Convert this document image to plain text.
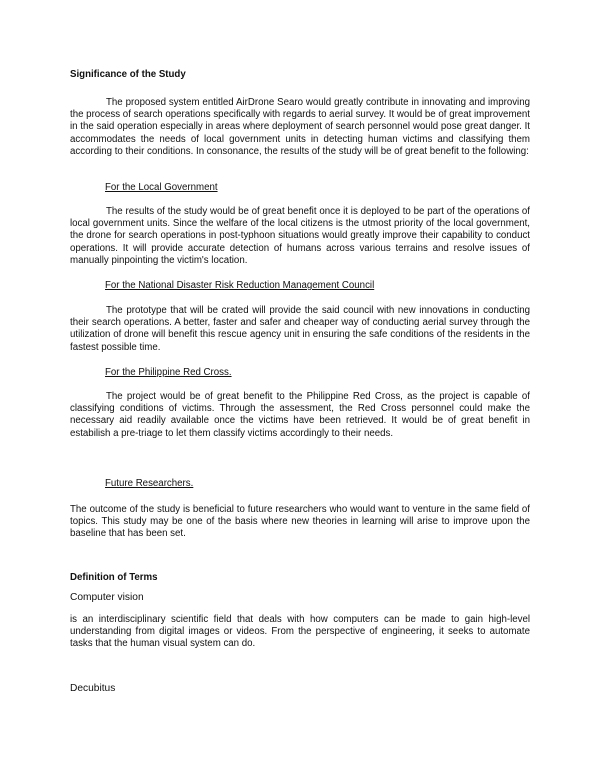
Significance of the Study

The proposed system entitled AirDrone Searo would greatly contribute in innovating and improving the process of search operations specifically with regards to aerial survey. It would be of great improvement in the said operation especially in areas where deployment of search personnel would pose great danger. It accommodates the needs of local government units in detecting human victims and classifying them according to their conditions. In consonance, the results of the study will be of great benefit to the following:

For the Local Government

The results of the study would be of great benefit once it is deployed to be part of the operations of local government units. Since the welfare of the local citizens is the utmost priority of the local government, the drone for search operations in post-typhoon situations would greatly improve their capability to conduct operations. It will provide accurate detection of humans across various terrains and resolve issues of manually pinpointing the victim's location.

For the National Disaster Risk Reduction Management Council

The prototype that will be crated will provide the said council with new innovations in conducting their search operations. A better, faster and safer and cheaper way of conducting aerial survey through the utilization of drone will benefit this rescue agency unit in ensuring the safe conditions of the residents in the fastest possible time.

For the Philippine Red Cross.

The project would be of great benefit to the Philippine Red Cross, as the project is capable of classifying conditions of victims. Through the assessment, the Red Cross personnel could make the necessary aid readily available once the victims have been retrieved. It would be of great benefit in estabilish a pre-triage to let them classify victims accordingly to their needs.

Future Researchers.

The outcome of the study is beneficial to future researchers who would want to venture in the same field of topics. This study may be one of the basis where new theories in learning will arise to improve upon the baseline that has been set.

Definition of Terms
Computer vision

is an interdisciplinary scientific field that deals with how computers can be made to gain high-level understanding from digital images or videos. From the perspective of engineering, it seeks to automate tasks that the human visual system can do.

Decubitus
